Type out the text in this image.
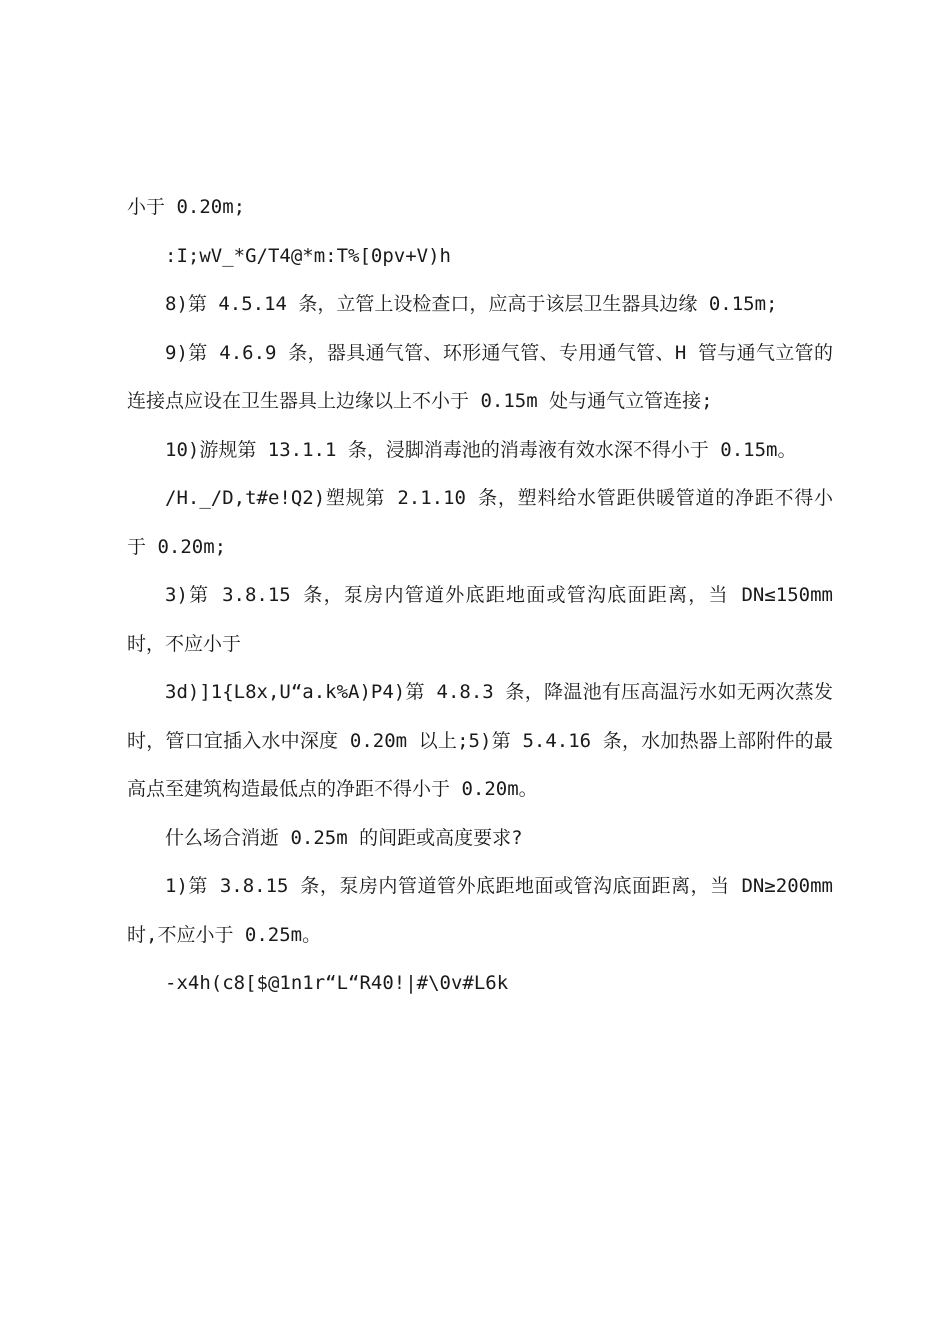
小于 0.20m;

:I;wV_*G/T4@*m:T%[0pv+V)h

8)第 4.5.14 条，立管上设检查口，应高于该层卫生器具边缘 0.15m;

9)第 4.6.9 条，器具通气管、环形通气管、专用通气管、H 管与通气立管的连接点应设在卫生器具上边缘以上不小于 0.15m 处与通气立管连接;

10)游规第 13.1.1 条，浸脚消毒池的消毒液有效水深不得小于 0.15m。

/H._/D,t#e!Q2)塑规第 2.1.10 条，塑料给水管距供暖管道的净距不得小于 0.20m;

3)第 3.8.15 条，泵房内管道外底距地面或管沟底面距离，当 DN≤150mm 时，不应小于

3d)]1{L8x,U“a.k%A)P4)第 4.8.3 条，降温池有压高温污水如无两次蒸发时，管口宜插入水中深度 0.20m 以上;5)第 5.4.16 条，水加热器上部附件的最高点至建筑构造最低点的净距不得小于 0.20m。

什么场合消逝 0.25m 的间距或高度要求?

1)第 3.8.15 条，泵房内管道管外底距地面或管沟底面距离，当 DN≥200mm 时,不应小于 0.25m。

-x4h(c8[$@1n1r“L“R40!|#\0v#L6k
